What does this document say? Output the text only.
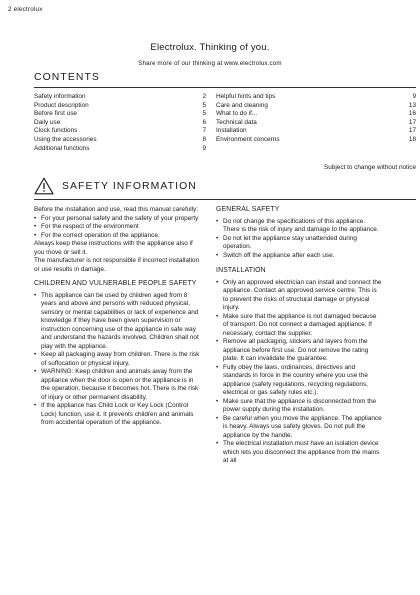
2 electrolux
Electrolux. Thinking of you.
Share more of our thinking at www.electrolux.com
CONTENTS
Safety information	2
Product description	5
Before first use	5
Daily use	6
Clock functions	7
Using the accessories	8
Additional functions	9
Helpful hints and tips	9
Care and cleaning	13
What to do if...	16
Technical data	17
Installation	17
Environment concerns	18
Subject to change without notice
SAFETY INFORMATION

Before the installation and use, read this manual carefully:

• For your personal safety and the safety of your property
• For the respect of the environment
• For the correct operation of the appliance.

Always keep these instructions with the appliance also if you move or sell it.

The manufacturer is not responsible if incorrect installation or use results in damage.

CHILDREN AND VULNERABLE PEOPLE SAFETY
• This appliance can be used by children aged from 8 years and above and persons with reduced physical, sensory or mental capabilities or lack of experience and knowledge if they have been given supervision or instruction concerning use of the appliance in safe way and understand the hazards involved. Children shall not play with the appliance.
• Keep all packaging away from children. There is the risk of suffocation or physical injury.
• WARNING: Keep children and animals away from the appliance when the door is open or the appliance is in the operation, because it becomes hot. There is the risk of injury or other permanent disability.
• If the appliance has Child Lock or Key Lock (Control Lock) function, use it. It prevents children and animals from accidental operation of the appliance.
GENERAL SAFETY
• Do not change the specifications of this appliance. There is the risk of injury and damage to the appliance.
• Do not let the appliance stay unattended during operation.
• Switch off the appliance after each use.
INSTALLATION
• Only an approved electrician can install and connect the appliance. Contact an approved service centre. This is to prevent the risks of structural damage or physical injury.
• Make sure that the appliance is not damaged because of transport. Do not connect a damaged appliance. If necessary, contact the supplier.
• Remove all packaging, stickers and layers from the appliance before first use. Do not remove the rating plate. It can invalidate the guarantee.
• Fully obey the laws, ordinances, directives and standards in force in the country where you use the appliance (safety regulations, recycling regulations, electrical or gas safety rules etc.).
• Make sure that the appliance is disconnected from the power supply during the installation.
• Be careful when you move the appliance. The appliance is heavy. Always use safety gloves. Do not pull the appliance by the handle.
• The electrical installation must have an isolation device which lets you disconnect the appliance from the mains at all
